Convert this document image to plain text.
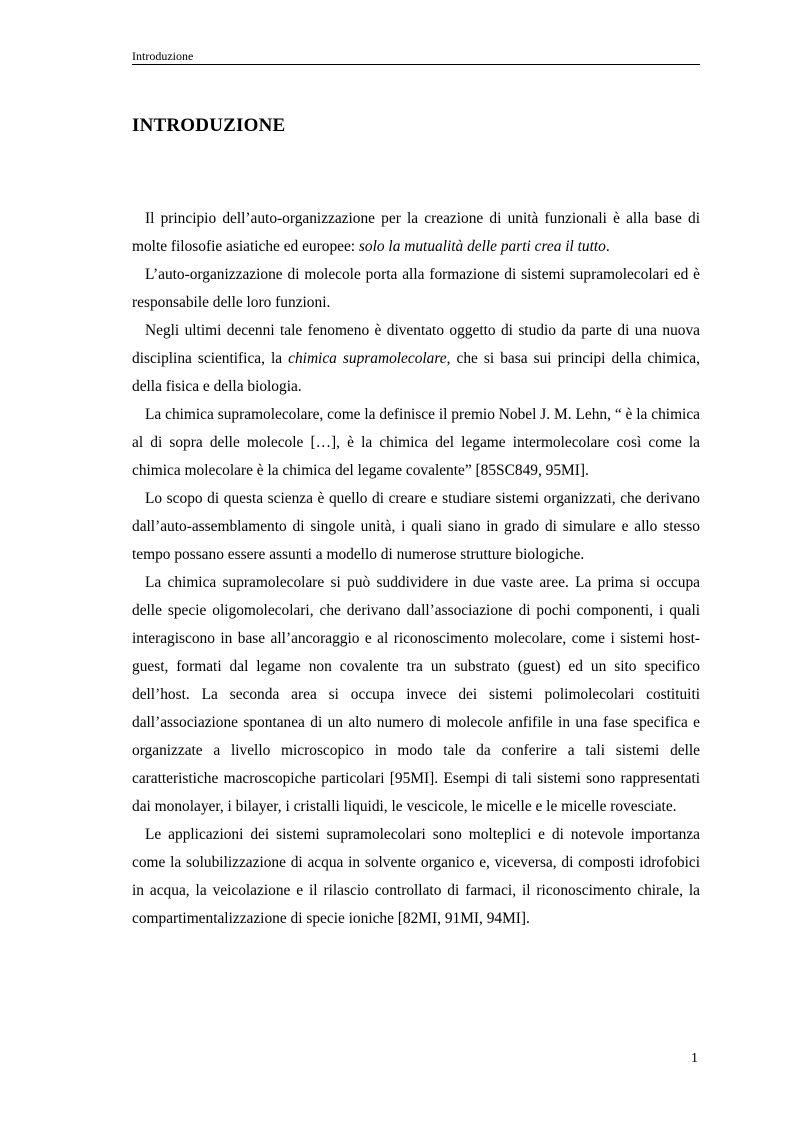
Introduzione
INTRODUZIONE

Il principio dell’auto-organizzazione per la creazione di unità funzionali è alla base di molte filosofie asiatiche ed europee: solo la mutualità delle parti crea il tutto.

L’auto-organizzazione di molecole porta alla formazione di sistemi supramolecolari ed è responsabile delle loro funzioni.

Negli ultimi decenni tale fenomeno è diventato oggetto di studio da parte di una nuova disciplina scientifica, la chimica supramolecolare, che si basa sui principi della chimica, della fisica e della biologia.

La chimica supramolecolare, come la definisce il premio Nobel J. M. Lehn, “ è la chimica al di sopra delle molecole […], è la chimica del legame intermolecolare così come la chimica molecolare è la chimica del legame covalente” [85SC849, 95MI].

Lo scopo di questa scienza è quello di creare e studiare sistemi organizzati, che derivano dall’auto-assemblamento di singole unità, i quali siano in grado di simulare e allo stesso tempo possano essere assunti a modello di numerose strutture biologiche.

La chimica supramolecolare si può suddividere in due vaste aree. La prima si occupa delle specie oligomolecolari, che derivano dall’associazione di pochi componenti, i quali interagiscono in base all’ancoraggio e al riconoscimento molecolare, come i sistemi host-guest, formati dal legame non covalente tra un substrato (guest) ed un sito specifico dell’host. La seconda area si occupa invece dei sistemi polimolecolari costituiti dall’associazione spontanea di un alto numero di molecole anfifile in una fase specifica e organizzate a livello microscopico in modo tale da conferire a tali sistemi delle caratteristiche macroscopiche particolari [95MI]. Esempi di tali sistemi sono rappresentati dai monolayer, i bilayer, i cristalli liquidi, le vescicole, le micelle e le micelle rovesciate.

Le applicazioni dei sistemi supramolecolari sono molteplici e di notevole importanza come la solubilizzazione di acqua in solvente organico e, viceversa, di composti idrofobici in acqua, la veicolazione e il rilascio controllato di farmaci, il riconoscimento chirale, la compartimentalizzazione di specie ioniche [82MI, 91MI, 94MI].

1
